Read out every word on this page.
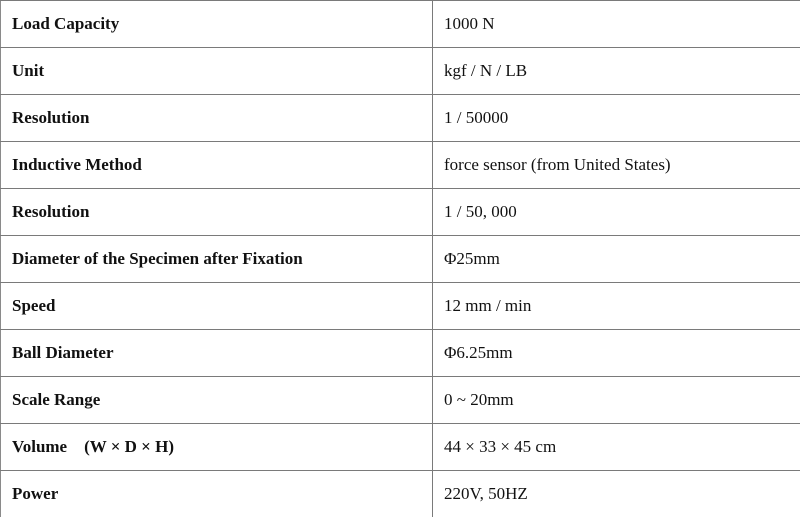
Load Capacity	1000 N
Unit	kgf / N / LB
Resolution	1 / 50000
Inductive Method	force sensor (from United States)
Resolution	1 / 50, 000
Diameter of the Specimen after Fixation	Φ25mm
Speed	12 mm / min
Ball Diameter	Φ6.25mm
Scale Range	0 ~ 20mm
Volume    (W × D × H)	44 × 33 × 45 cm
Power	220V, 50HZ
